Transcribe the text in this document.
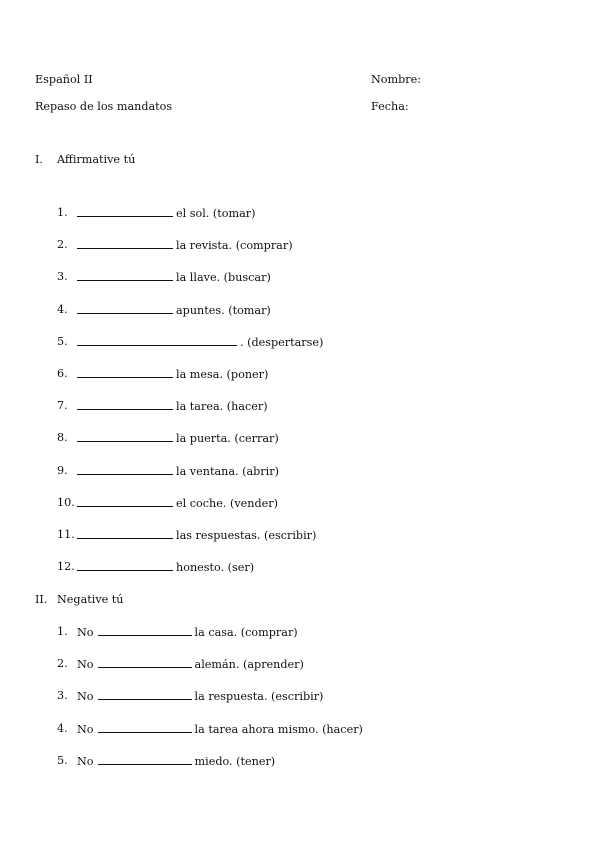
Español II	Nombre:
Repaso de los mandatos	Fecha:
I. Affirmative tú
1.	el sol. (tomar)
2.	la revista. (comprar)
3.	la llave. (buscar)
4.	apuntes. (tomar)
5.	. (despertarse)
6.	la mesa. (poner)
7.	la tarea. (hacer)
8.	la puerta. (cerrar)
9.	la ventana. (abrir)
10.	el coche. (vender)
11.	las respuestas. (escribir)
12.	honesto. (ser)
II. Negative tú
1. No	la casa. (comprar)
2. No	alemán. (aprender)
3. No	la respuesta. (escribir)
4. No	la tarea ahora mismo. (hacer)
5. No	miedo. (tener)
